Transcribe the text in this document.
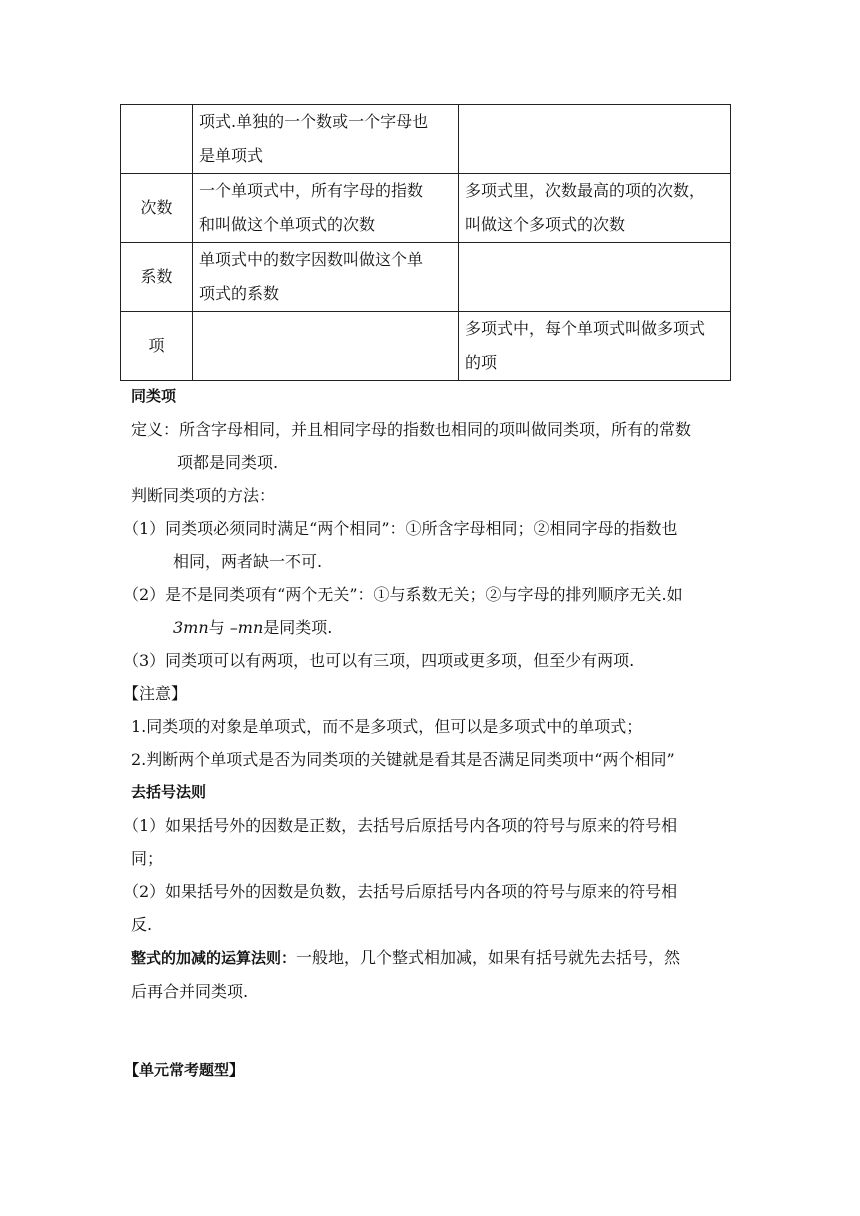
	项式.单独的一个数或一个字母也
是单项式	

次数	一个单项式中，所有字母的指数
和叫做这个单项式的次数	多项式里，次数最高的项的次数，
叫做这个多项式的次数

系数	单项式中的数字因数叫做这个单
项式的系数	

项		多项式中，每个单项式叫做多项式
的项
同类项
定义：所含字母相同，并且相同字母的指数也相同的项叫做同类项，所有的常数
项都是同类项.
判断同类项的方法：
（1）同类项必须同时满足“两个相同”：①所含字母相同；②相同字母的指数也
相同，两者缺一不可.
（2）是不是同类项有“两个无关”：①与系数无关；②与字母的排列顺序无关.如
3mn与 –mn是同类项.
（3）同类项可以有两项，也可以有三项，四项或更多项，但至少有两项.
【注意】
1.同类项的对象是单项式，而不是多项式，但可以是多项式中的单项式；
2.判断两个单项式是否为同类项的关键就是看其是否满足同类项中“两个相同”
去括号法则
（1）如果括号外的因数是正数，去括号后原括号内各项的符号与原来的符号相
同；
（2）如果括号外的因数是负数，去括号后原括号内各项的符号与原来的符号相
反.
整式的加减的运算法则：一般地，几个整式相加减，如果有括号就先去括号，然
后再合并同类项.
【单元常考题型】
